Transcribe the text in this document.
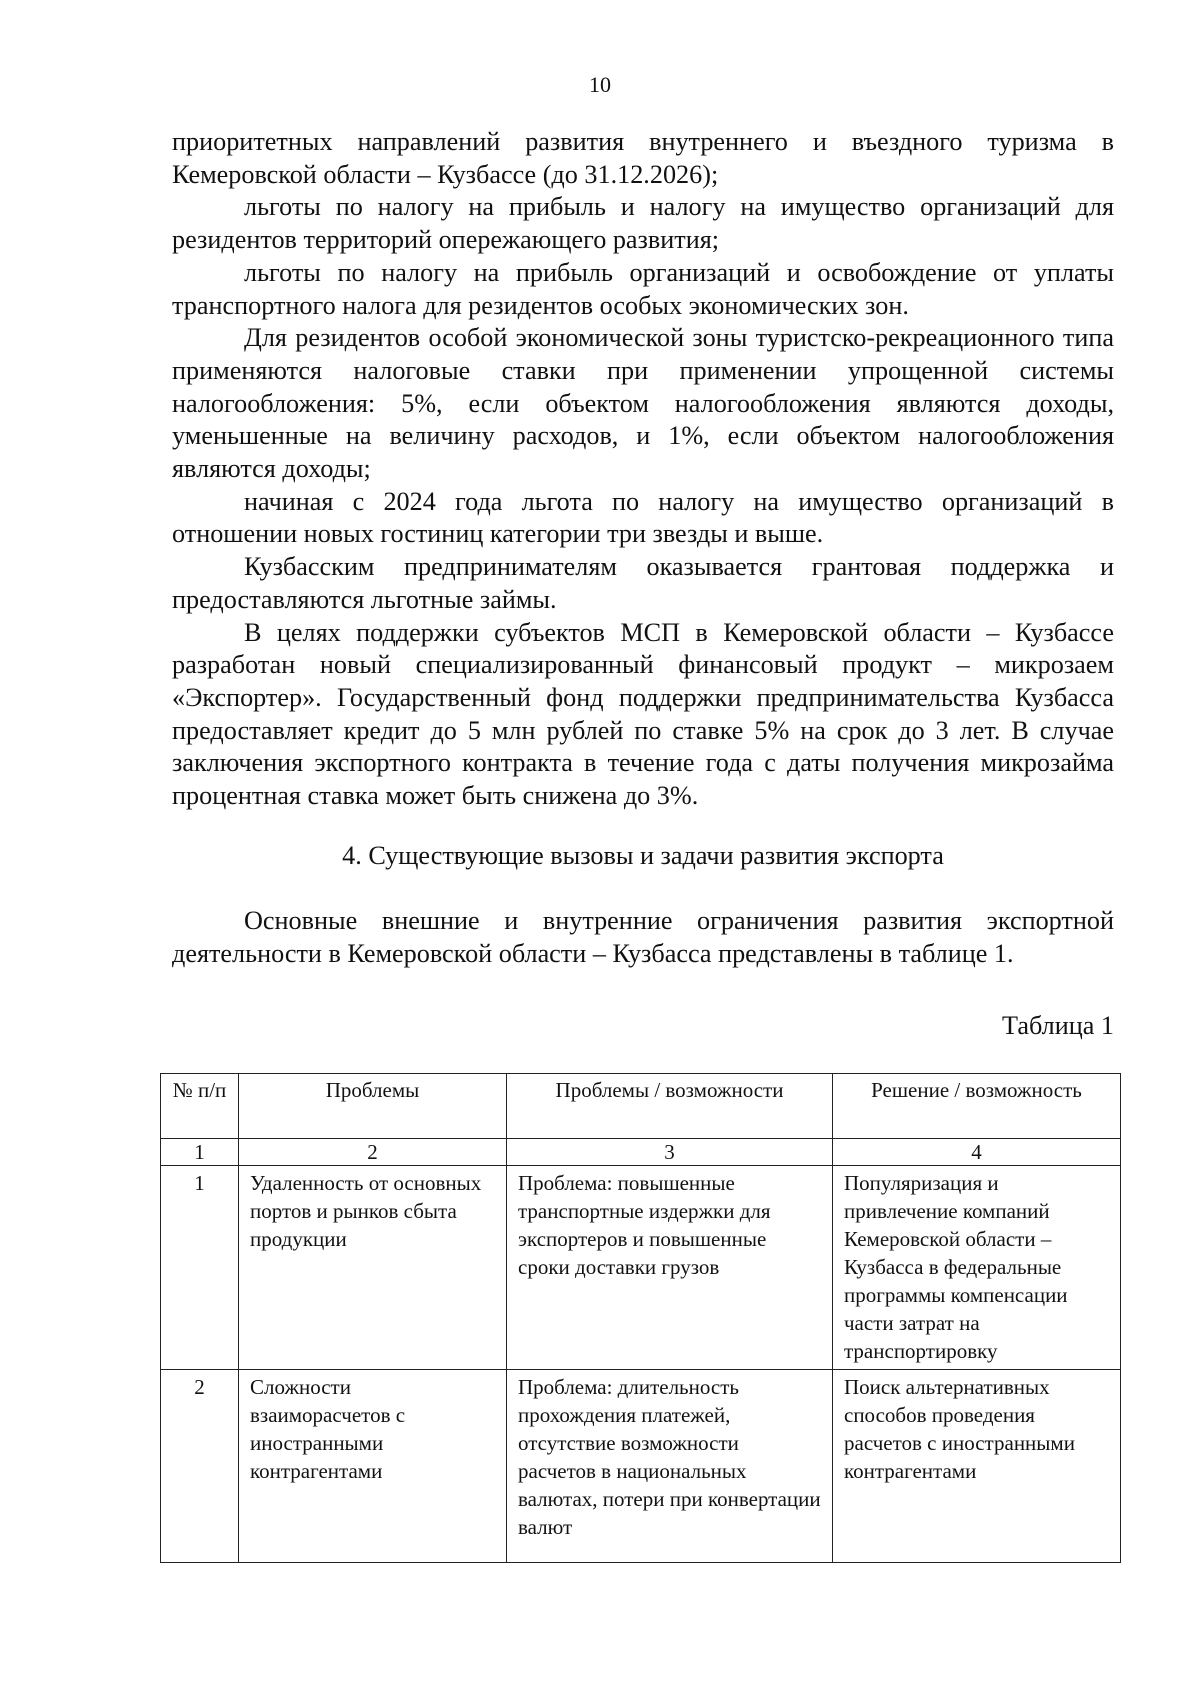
10

приоритетных направлений развития внутреннего и въездного туризма в Кемеровской области – Кузбассе (до 31.12.2026);

льготы по налогу на прибыль и налогу на имущество организаций для резидентов территорий опережающего развития;

льготы по налогу на прибыль организаций и освобождение от уплаты транспортного налога для резидентов особых экономических зон.

Для резидентов особой экономической зоны туристско-рекреационного типа применяются налоговые ставки при применении упрощенной системы налогообложения: 5%, если объектом налогообложения являются доходы, уменьшенные на величину расходов, и 1%, если объектом налогообложения являются доходы;

начиная с 2024 года льгота по налогу на имущество организаций в отношении новых гостиниц категории три звезды и выше.

Кузбасским предпринимателям оказывается грантовая поддержка и предоставляются льготные займы.

В целях поддержки субъектов МСП в Кемеровской области – Кузбассе разработан новый специализированный финансовый продукт – микрозаем «Экспортер». Государственный фонд поддержки предпринимательства Кузбасса предоставляет кредит до 5 млн рублей по ставке 5% на срок до 3 лет. В случае заключения экспортного контракта в течение года с даты получения микрозайма процентная ставка может быть снижена до 3%.

4. Существующие вызовы и задачи развития экспорта

Основные внешние и внутренние ограничения развития экспортной деятельности в Кемеровской области – Кузбасса представлены в таблице 1.

Таблица 1
№ п/п	Проблемы	Проблемы / возможности	Решение / возможность
1	2	3	4
1	Удаленность от основных портов и рынков сбыта продукции	Проблема: повышенные транспортные издержки для экспортеров и повышенные сроки доставки грузов	Популяризация и привлечение компаний Кемеровской области – Кузбасса в федеральные программы компенсации части затрат на транспортировку
2	Сложности взаиморасчетов с иностранными контрагентами	Проблема: длительность прохождения платежей, отсутствие возможности расчетов в национальных валютах, потери при конвертации валют	Поиск альтернативных способов проведения расчетов с иностранными контрагентами
